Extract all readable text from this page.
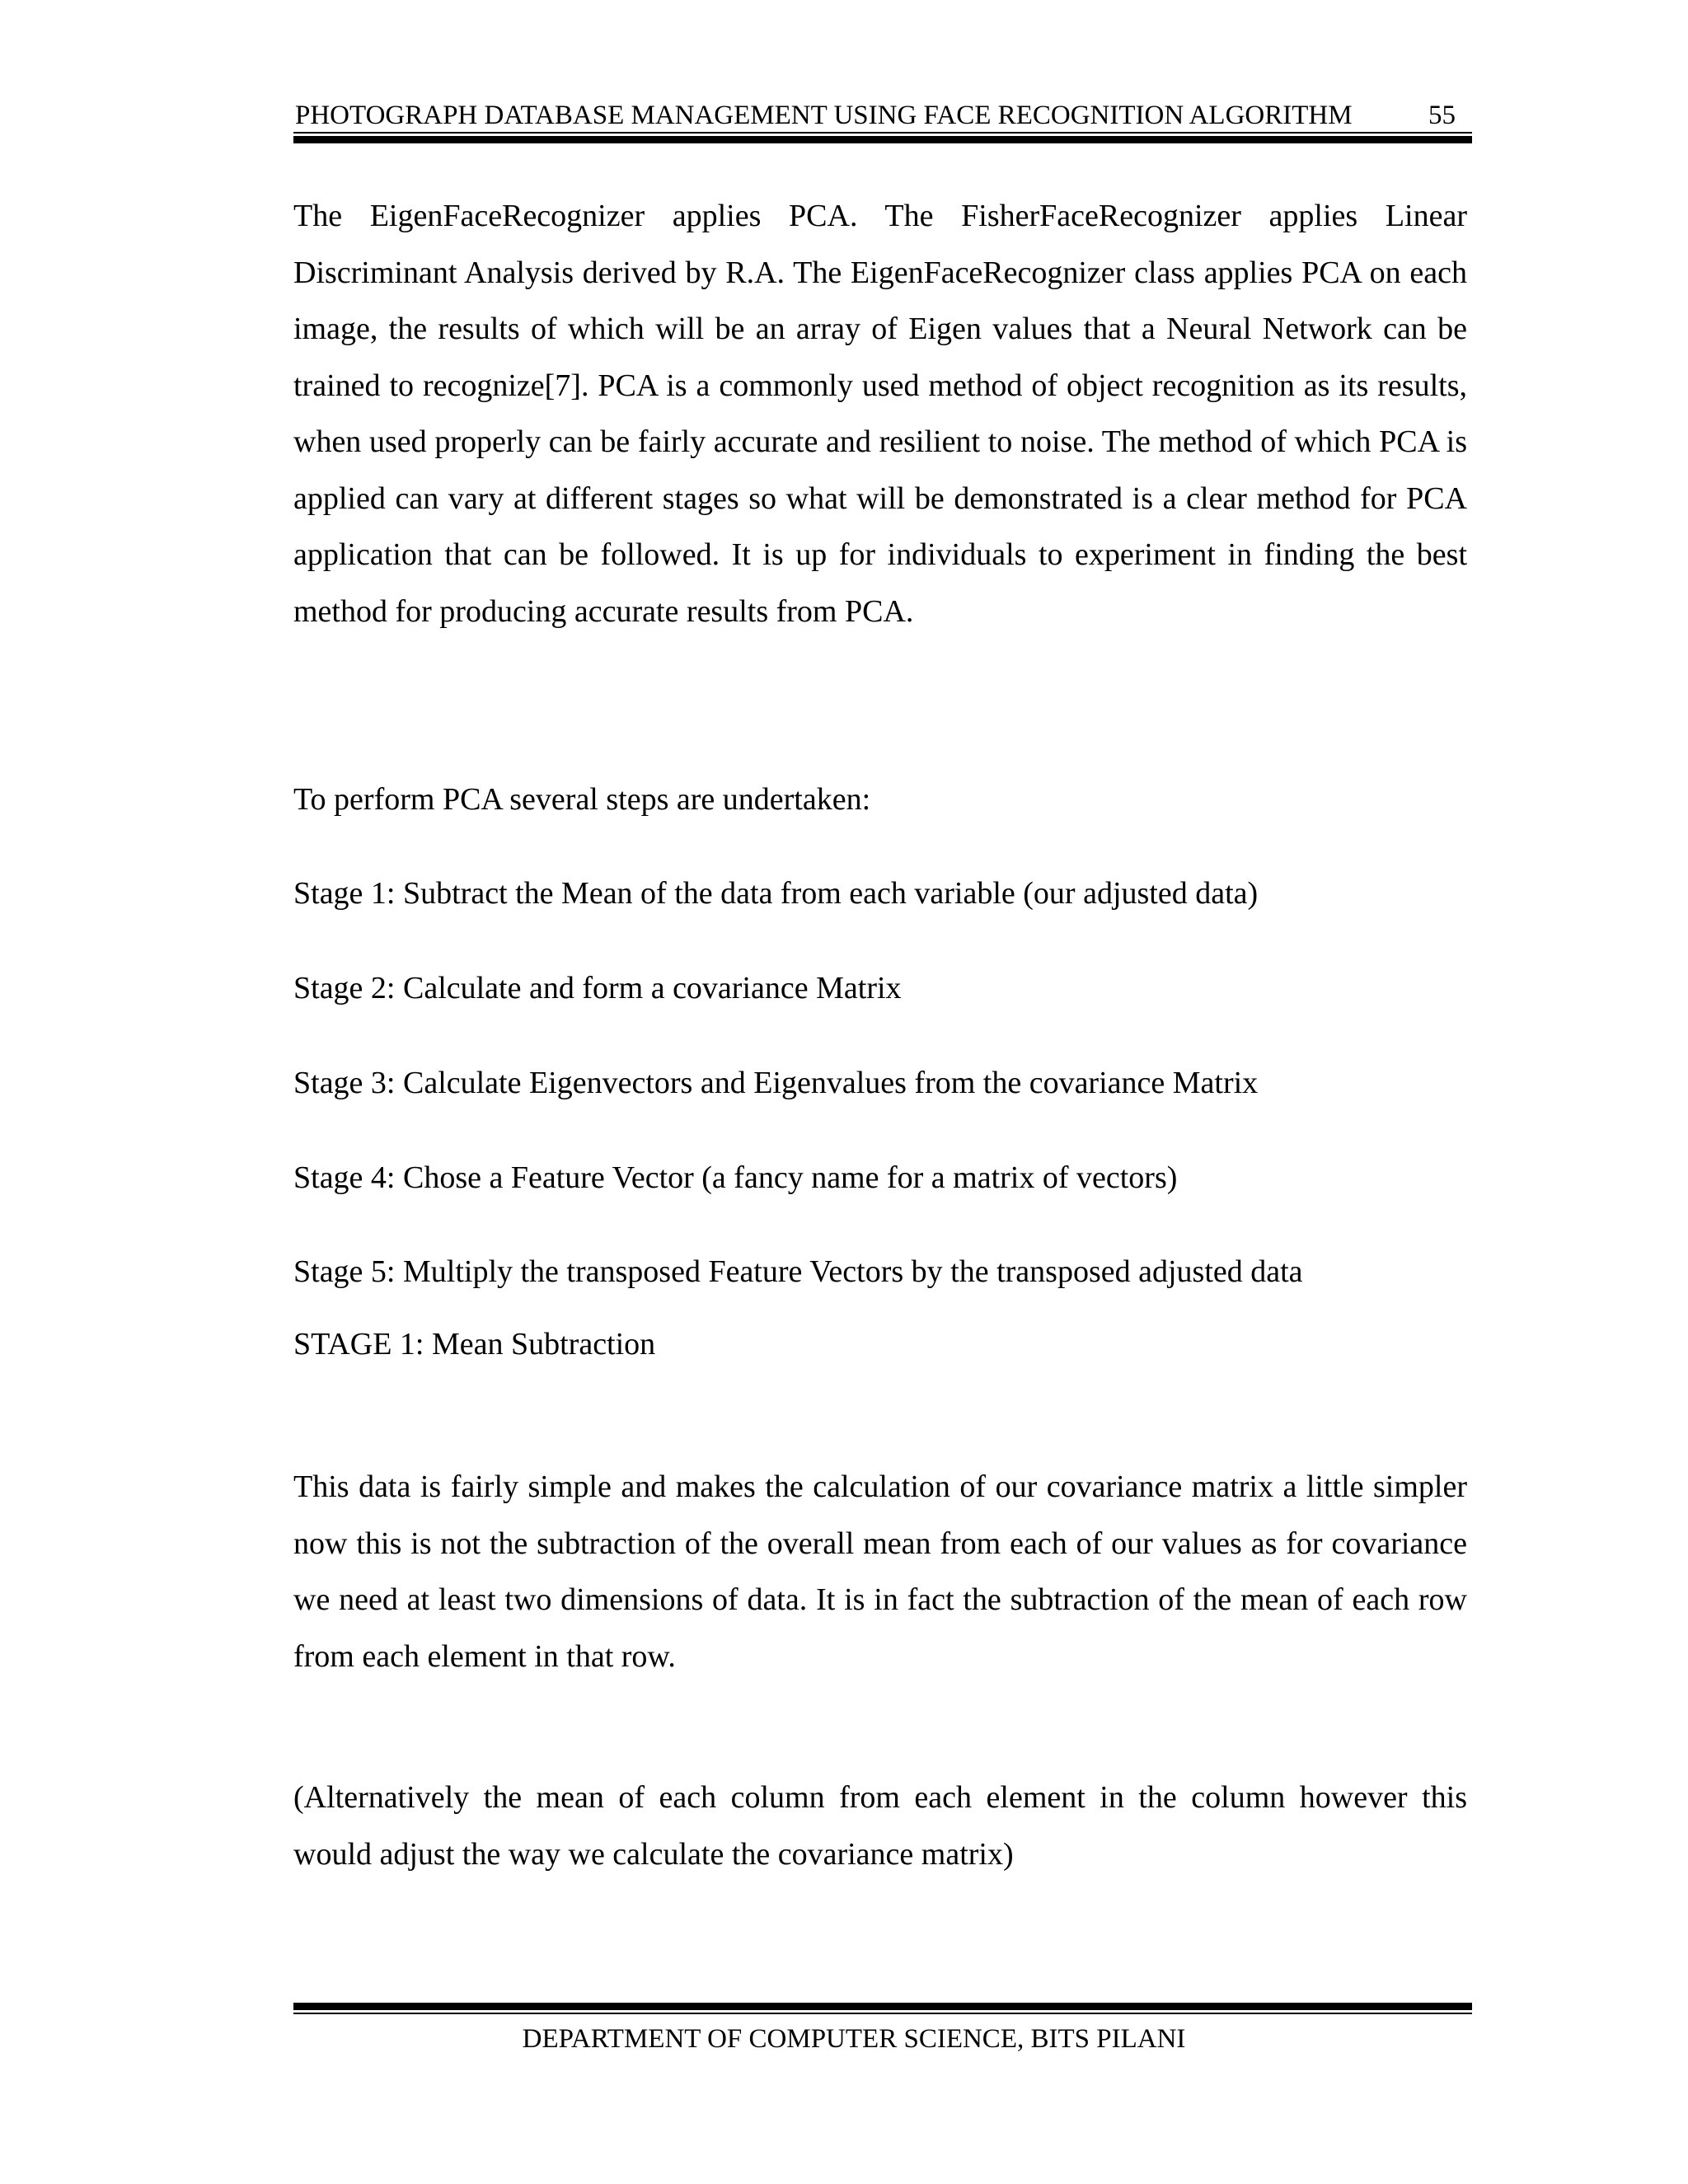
PHOTOGRAPH DATABASE MANAGEMENT USING FACE RECOGNITION ALGORITHM	55

The EigenFaceRecognizer applies PCA. The FisherFaceRecognizer applies Linear Discriminant Analysis derived by R.A. The EigenFaceRecognizer class applies PCA on each image, the results of which will be an array of Eigen values that a Neural Network can be trained to recognize[7]. PCA is a commonly used method of object recognition as its results, when used properly can be fairly accurate and resilient to noise. The method of which PCA is applied can vary at different stages so what will be demonstrated is a clear method for PCA application that can be followed. It is up for individuals to experiment in finding the best method for producing accurate results from PCA.

To perform PCA several steps are undertaken:

Stage 1: Subtract the Mean of the data from each variable (our adjusted data)

Stage 2: Calculate and form a covariance Matrix

Stage 3: Calculate Eigenvectors and Eigenvalues from the covariance Matrix

Stage 4: Chose a Feature Vector (a fancy name for a matrix of vectors)

Stage 5: Multiply the transposed Feature Vectors by the transposed adjusted data

STAGE 1: Mean Subtraction

This data is fairly simple and makes the calculation of our covariance matrix a little simpler now this is not the subtraction of the overall mean from each of our values as for covariance we need at least two dimensions of data. It is in fact the subtraction of the mean of each row from each element in that row.

(Alternatively the mean of each column from each element in the column however this would adjust the way we calculate the covariance matrix)

DEPARTMENT OF COMPUTER SCIENCE, BITS PILANI
